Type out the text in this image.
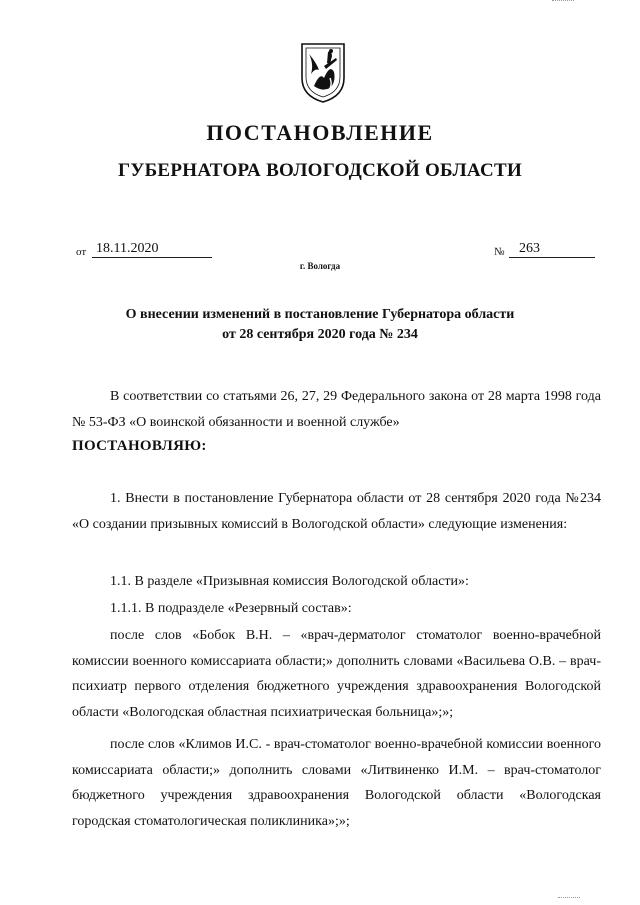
ПОСТАНОВЛЕНИЕ
ГУБЕРНАТОРА ВОЛОГОДСКОЙ ОБЛАСТИ
от 18.11.2020	№	263
г. Вологда
О внесении изменений в постановление Губернатора области
от 28 сентября 2020 года № 234
В соответствии со статьями 26, 27, 29 Федерального закона от 28 марта 1998 года № 53-ФЗ «О воинской обязанности и военной службе»
ПОСТАНОВЛЯЮ:
1. Внести в постановление Губернатора области от 28 сентября 2020 года №234 «О создании призывных комиссий в Вологодской области» следующие изменения:
1.1. В разделе «Призывная комиссия Вологодской области»:
1.1.1. В подразделе «Резервный состав»:
после слов «Бобок В.Н. – «врач-дерматолог стоматолог военно-врачебной комиссии военного комиссариата области;» дополнить словами «Васильева О.В. – врач-психиатр первого отделения бюджетного учреждения здравоохранения Вологодской области «Вологодская областная психиатрическая больница»;»;
после слов «Климов И.С. - врач-стоматолог военно-врачебной комиссии военного комиссариата области;» дополнить словами «Литвиненко И.М. – врач-стоматолог бюджетного учреждения здравоохранения Вологодской области «Вологодская городская стоматологическая поликлиника»;»;
